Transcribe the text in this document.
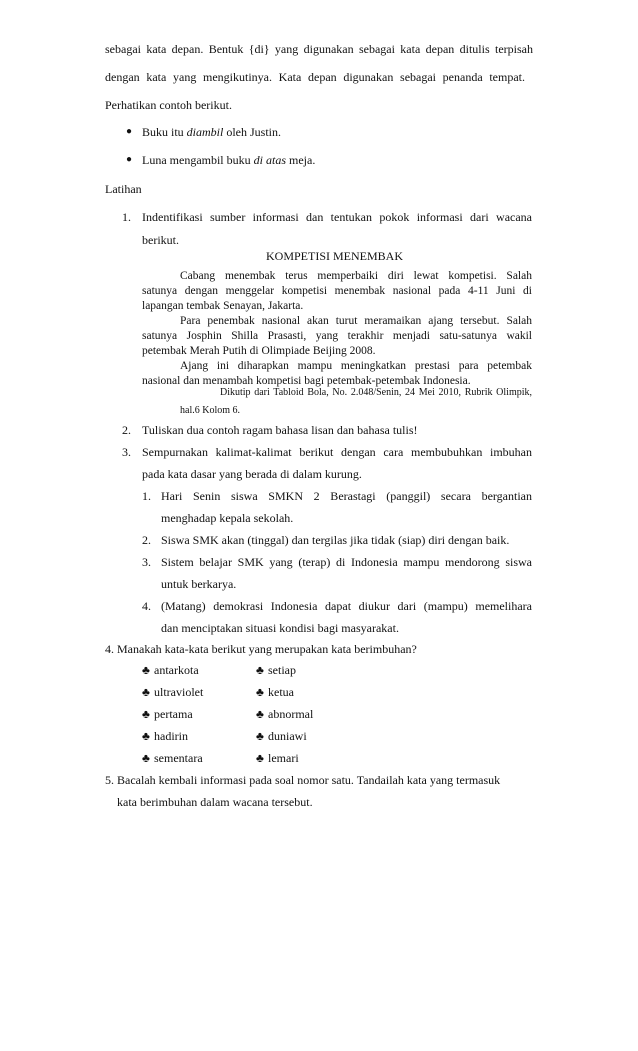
sebagai kata depan. Bentuk {di} yang digunakan sebagai kata depan ditulis terpisah
dengan kata yang mengikutinya. Kata depan digunakan sebagai penanda tempat.
Perhatikan contoh berikut.
● Buku itu diambil oleh Justin.
● Luna mengambil buku di atas meja.
Latihan
1. Indentifikasi sumber informasi dan tentukan pokok informasi dari wacana
berikut.
KOMPETISI MENEMBAK
Cabang menembak terus memperbaiki diri lewat kompetisi. Salah
satunya dengan menggelar kompetisi menembak nasional pada 4-11 Juni di
lapangan tembak Senayan, Jakarta.
Para penembak nasional akan turut meramaikan ajang tersebut. Salah
satunya Josphin Shilla Prasasti, yang terakhir menjadi satu-satunya wakil
petembak Merah Putih di Olimpiade Beijing 2008.
Ajang ini diharapkan mampu meningkatkan prestasi para petembak
nasional dan menambah kompetisi bagi petembak-petembak Indonesia.
Dikutip dari Tabloid Bola, No. 2.048/Senin, 24 Mei 2010, Rubrik Olimpik,
hal.6 Kolom 6.
2. Tuliskan dua contoh ragam bahasa lisan dan bahasa tulis!
3. Sempurnakan kalimat-kalimat berikut dengan cara membubuhkan imbuhan
pada kata dasar yang berada di dalam kurung.
1. Hari Senin siswa SMKN 2 Berastagi (panggil) secara bergantian
menghadap kepala sekolah.
2. Siswa SMK akan (tinggal) dan tergilas jika tidak (siap) diri dengan baik.
3. Sistem belajar SMK yang (terap) di Indonesia mampu mendorong siswa
untuk berkarya.
4. (Matang) demokrasi Indonesia dapat diukur dari (mampu) memelihara
dan menciptakan situasi kondisi bagi masyarakat.
4. Manakah kata-kata berikut yang merupakan kata berimbuhan?
♣ antarkota	♣ setiap
♣ ultraviolet	♣ ketua
♣ pertama	♣ abnormal
♣ hadirin	♣ duniawi
♣ sementara	♣ lemari
5. Bacalah kembali informasi pada soal nomor satu. Tandailah kata yang termasuk
kata berimbuhan dalam wacana tersebut.
